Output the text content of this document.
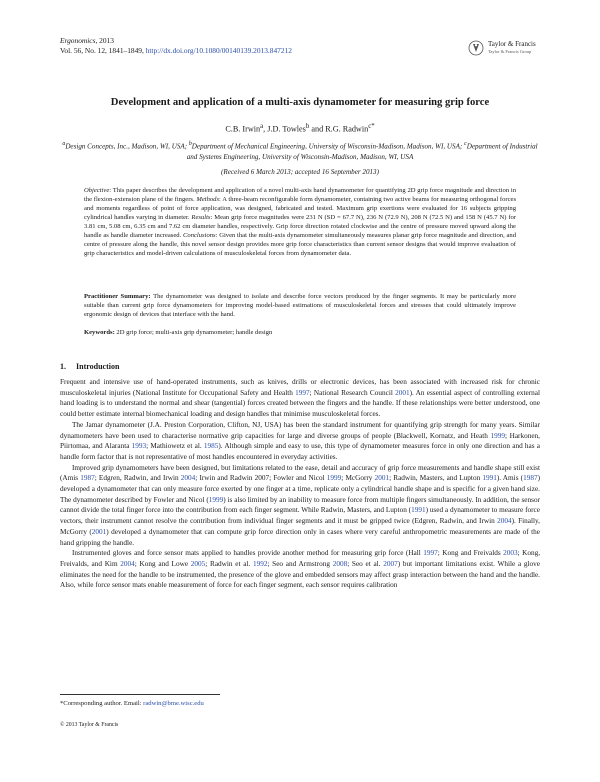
Ergonomics, 2013
Vol. 56, No. 12, 1841–1849, http://dx.doi.org/10.1080/00140139.2013.847212
Taylor & Francis
Taylor & Francis Group
Development and application of a multi-axis dynamometer for measuring grip force
C.B. Irwin$^a$, J.D. Towles$^b$ and R.G. Radwin$^{c*}$
$^a$Design Concepts, Inc., Madison, WI, USA; $^b$Department of Mechanical Engineering, University of Wisconsin-Madison, Madison, WI, USA; $^c$Department of Industrial and Systems Engineering, University of Wisconsin-Madison, Madison, WI, USA
(Received 6 March 2013; accepted 16 September 2013)
Objective: This paper describes the development and application of a novel multi-axis hand dynamometer for quantifying 2D grip force magnitude and direction in the flexion-extension plane of the fingers. Methods: A three-beam reconfigurable form dynamometer, containing two active beams for measuring orthogonal forces and moments regardless of point of force application, was designed, fabricated and tested. Maximum grip exertions were evaluated for 16 subjects gripping cylindrical handles varying in diameter. Results: Mean grip force magnitudes were 231 N (SD = 67.7 N), 236 N (72.9 N), 208 N (72.5 N) and 158 N (45.7 N) for 3.81 cm, 5.08 cm, 6.35 cm and 7.62 cm diameter handles, respectively. Grip force direction rotated clockwise and the centre of pressure moved upward along the handle as handle diameter increased. Conclusions: Given that the multi-axis dynamometer simultaneously measures planar grip force magnitude and direction, and centre of pressure along the handle, this novel sensor design provides more grip force characteristics than current sensor designs that would improve evaluation of grip characteristics and model-driven calculations of musculoskeletal forces from dynamometer data.
Practitioner Summary: The dynamometer was designed to isolate and describe force vectors produced by the finger segments. It may be particularly more suitable than current grip force dynamometers for improving model-based estimations of musculoskeletal forces and stresses that could ultimately improve ergonomic design of devices that interface with the hand.
Keywords: 2D grip force; multi-axis grip dynamometer; handle design
1. Introduction

Frequent and intensive use of hand-operated instruments, such as knives, drills or electronic devices, has been associated with increased risk for chronic musculoskeletal injuries (National Institute for Occupational Safety and Health 1997; National Research Council 2001). An essential aspect of controlling external hand loading is to understand the normal and shear (tangential) forces created between the fingers and the handle. If these relationships were better understood, one could better estimate internal biomechanical loading and design handles that minimise musculoskeletal forces.

The Jamar dynamometer (J.A. Preston Corporation, Clifton, NJ, USA) has been the standard instrument for quantifying grip strength for many years. Similar dynamometers have been used to characterise normative grip capacities for large and diverse groups of people (Blackwell, Kornatz, and Heath 1999; Harkonen, Piirtomaa, and Alaranta 1993; Mathiowetz et al. 1985). Although simple and easy to use, this type of dynamometer measures force in only one direction and has a handle form factor that is not representative of most handles encountered in everyday activities.

Improved grip dynamometers have been designed, but limitations related to the ease, detail and accuracy of grip force measurements and handle shape still exist (Amis 1987; Edgren, Radwin, and Irwin 2004; Irwin and Radwin 2007; Fowler and Nicol 1999; McGorry 2001; Radwin, Masters, and Lupton 1991). Amis (1987) developed a dynamometer that can only measure force exerted by one finger at a time, replicate only a cylindrical handle shape and is specific for a given hand size. The dynamometer described by Fowler and Nicol (1999) is also limited by an inability to measure force from multiple fingers simultaneously. In addition, the sensor cannot divide the total finger force into the contribution from each finger segment. While Radwin, Masters, and Lupton (1991) used a dynamometer to measure force vectors, their instrument cannot resolve the contribution from individual finger segments and it must be gripped twice (Edgren, Radwin, and Irwin 2004). Finally, McGorry (2001) developed a dynamometer that can compute grip force direction only in cases where very careful anthropometric measurements are made of the hand gripping the handle.

Instrumented gloves and force sensor mats applied to handles provide another method for measuring grip force (Hall 1997; Kong and Freivalds 2003; Kong, Freivalds, and Kim 2004; Kong and Lowe 2005; Radwin et al. 1992; Seo and Armstrong 2008; Seo et al. 2007) but important limitations exist. While a glove eliminates the need for the handle to be instrumented, the presence of the glove and embedded sensors may affect grasp interaction between the hand and the handle. Also, while force sensor mats enable measurement of force for each finger segment, each sensor requires calibration

*Corresponding author. Email: radwin@bme.wisc.edu
© 2013 Taylor & Francis
